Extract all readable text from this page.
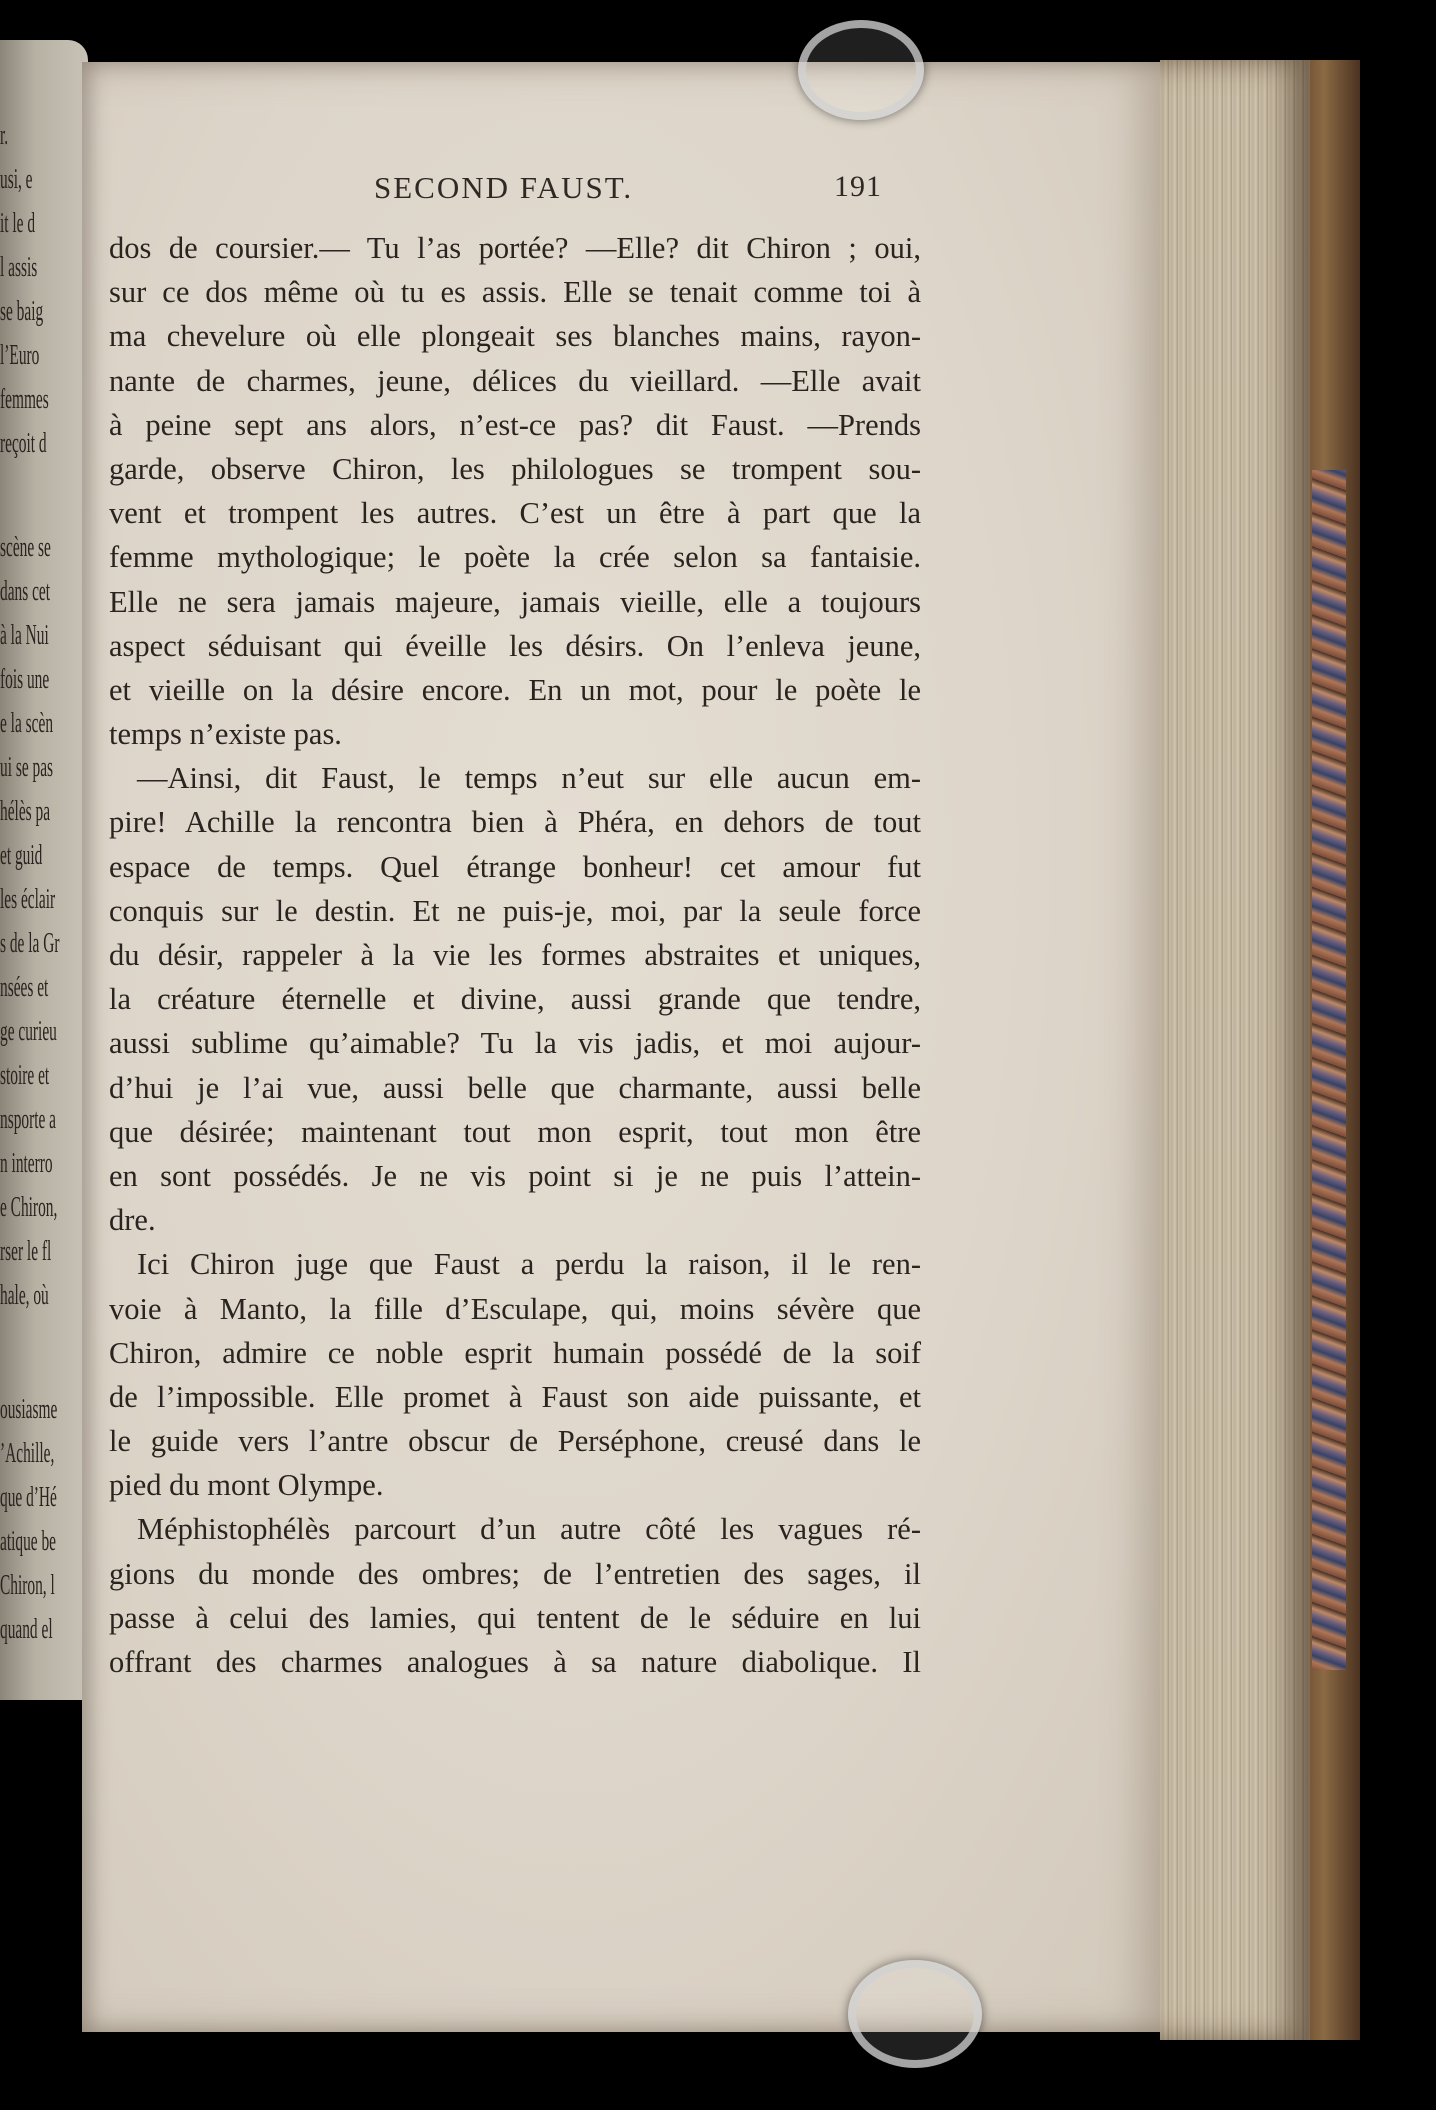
r.
usi, e
it le d
l assis
se baig
l’Euro
femmes
reçoit d
scène se
dans cet
à la Nui
fois une
e la scèn
ui se pas
hélès pa
et guid
les éclair
s de la Gr
nsées et
ge curieu
stoire et
nsporte a
n interro
e Chiron,
rser le fl
hale, où
ousiasme
’Achille,
que d’Hé
atique be
Chiron, l
quand el
SECOND FAUST.	191
dos de coursier.— Tu l’as portée? —Elle? dit Chiron ; oui,
sur ce dos même où tu es assis. Elle se tenait comme toi à
ma chevelure où elle plongeait ses blanches mains, rayon-
nante de charmes, jeune, délices du vieillard. —Elle avait
à peine sept ans alors, n’est-ce pas? dit Faust. —Prends
garde, observe Chiron, les philologues se trompent sou-
vent et trompent les autres. C’est un être à part que la
femme mythologique; le poète la crée selon sa fantaisie.
Elle ne sera jamais majeure, jamais vieille, elle a toujours
aspect séduisant qui éveille les désirs. On l’enleva jeune,
et vieille on la désire encore. En un mot, pour le poète le
temps n’existe pas.
—Ainsi, dit Faust, le temps n’eut sur elle aucun em-
pire! Achille la rencontra bien à Phéra, en dehors de tout
espace de temps. Quel étrange bonheur! cet amour fut
conquis sur le destin. Et ne puis-je, moi, par la seule force
du désir, rappeler à la vie les formes abstraites et uniques,
la créature éternelle et divine, aussi grande que tendre,
aussi sublime qu’aimable? Tu la vis jadis, et moi aujour-
d’hui je l’ai vue, aussi belle que charmante, aussi belle
que désirée; maintenant tout mon esprit, tout mon être
en sont possédés. Je ne vis point si je ne puis l’attein-
dre.
Ici Chiron juge que Faust a perdu la raison, il le ren-
voie à Manto, la fille d’Esculape, qui, moins sévère que
Chiron, admire ce noble esprit humain possédé de la soif
de l’impossible. Elle promet à Faust son aide puissante, et
le guide vers l’antre obscur de Perséphone, creusé dans le
pied du mont Olympe.
Méphistophélès parcourt d’un autre côté les vagues ré-
gions du monde des ombres; de l’entretien des sages, il
passe à celui des lamies, qui tentent de le séduire en lui
offrant des charmes analogues à sa nature diabolique. Il
